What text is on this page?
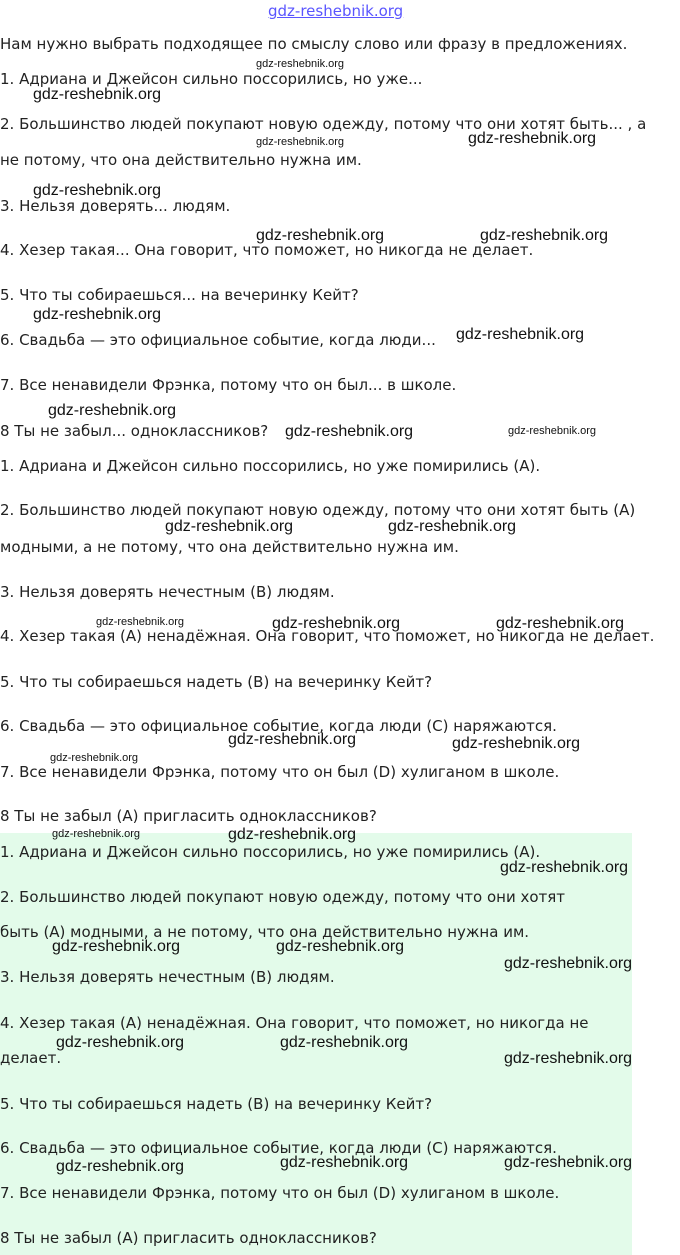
gdz-reshebnik.org
Нам нужно выбрать подходящее по смыслу слово или фразу в предложениях.
1. Адриана и Джейсон сильно поссорились, но уже...
2. Большинство людей покупают новую одежду, потому что они хотят быть... , а
не потому, что она действительно нужна им.
3. Нельзя доверять... людям.
4. Хезер такая... Она говорит, что поможет, но никогда не делает.
5. Что ты собираешься... на вечеринку Кейт?
6. Свадьба — это официальное событие, когда люди...
7. Все ненавидели Фрэнка, потому что он был... в школе.
8 Ты не забыл... одноклассников?
1. Адриана и Джейсон сильно поссорились, но уже помирились (A).
2. Большинство людей покупают новую одежду, потому что они хотят быть (A)
модными, а не потому, что она действительно нужна им.
3. Нельзя доверять нечестным (B) людям.
4. Хезер такая (A) ненадёжная. Она говорит, что поможет, но никогда не делает.
5. Что ты собираешься надеть (B) на вечеринку Кейт?
6. Свадьба — это официальное событие, когда люди (C) наряжаются.
7. Все ненавидели Фрэнка, потому что он был (D) хулиганом в школе.
8 Ты не забыл (A) пригласить одноклассников?
1. Адриана и Джейсон сильно поссорились, но уже помирились (A).
2. Большинство людей покупают новую одежду, потому что они хотят
быть (A) модными, а не потому, что она действительно нужна им.
3. Нельзя доверять нечестным (B) людям.
4. Хезер такая (A) ненадёжная. Она говорит, что поможет, но никогда не
делает.
5. Что ты собираешься надеть (B) на вечеринку Кейт?
6. Свадьба — это официальное событие, когда люди (C) наряжаются.
7. Все ненавидели Фрэнка, потому что он был (D) хулиганом в школе.
8 Ты не забыл (A) пригласить одноклассников?
gdz-reshebnik.org
gdz-reshebnik.org
gdz-reshebnik.org	gdz-reshebnik.org
gdz-reshebnik.org
gdz-reshebnik.org	gdz-reshebnik.org
gdz-reshebnik.org
gdz-reshebnik.org
gdz-reshebnik.org
gdz-reshebnik.org	gdz-reshebnik.org
gdz-reshebnik.org	gdz-reshebnik.org
gdz-reshebnik.org	gdz-reshebnik.org	gdz-reshebnik.org
gdz-reshebnik.org
gdz-reshebnik.org
gdz-reshebnik.org
gdz-reshebnik.org	gdz-reshebnik.org
gdz-reshebnik.org
gdz-reshebnik.org	gdz-reshebnik.org
gdz-reshebnik.org
gdz-reshebnik.org	gdz-reshebnik.org
gdz-reshebnik.org
gdz-reshebnik.org	gdz-reshebnik.org	gdz-reshebnik.org
